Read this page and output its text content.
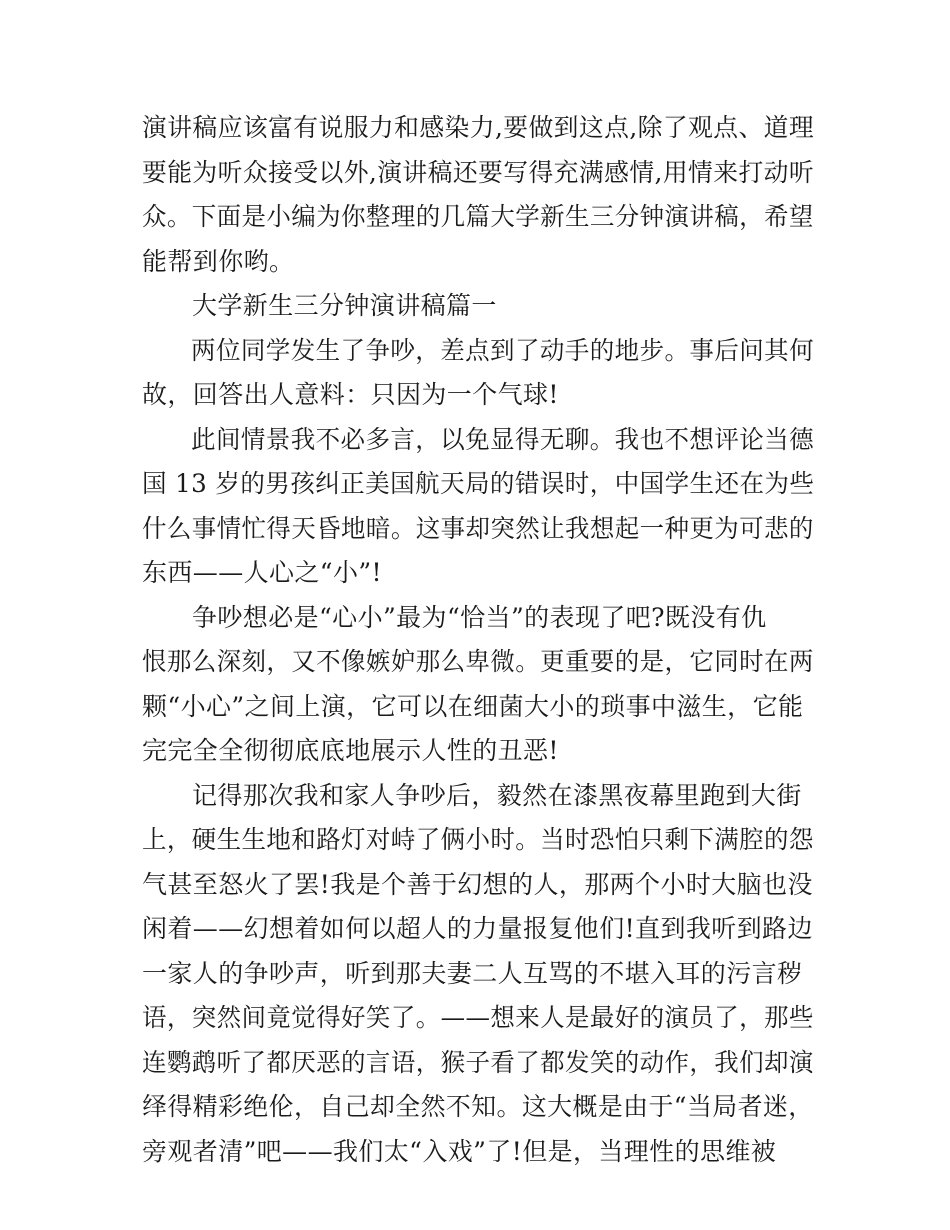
演讲稿应该富有说服力和感染力,要做到这点,除了观点、道理
要能为听众接受以外,演讲稿还要写得充满感情,用情来打动听
众。下面是小编为你整理的几篇大学新生三分钟演讲稿，希望
能帮到你哟。
大学新生三分钟演讲稿篇一
两位同学发生了争吵，差点到了动手的地步。事后问其何
故，回答出人意料：只因为一个气球!
此间情景我不必多言，以免显得无聊。我也不想评论当德
国 13 岁的男孩纠正美国航天局的错误时，中国学生还在为些
什么事情忙得天昏地暗。这事却突然让我想起一种更为可悲的
东西——人心之“小”!
争吵想必是“心小”最为“恰当”的表现了吧?既没有仇
恨那么深刻，又不像嫉妒那么卑微。更重要的是，它同时在两
颗“小心”之间上演，它可以在细菌大小的琐事中滋生，它能
完完全全彻彻底底地展示人性的丑恶!
记得那次我和家人争吵后，毅然在漆黑夜幕里跑到大街
上，硬生生地和路灯对峙了俩小时。当时恐怕只剩下满腔的怨
气甚至怒火了罢!我是个善于幻想的人，那两个小时大脑也没
闲着——幻想着如何以超人的力量报复他们!直到我听到路边
一家人的争吵声，听到那夫妻二人互骂的不堪入耳的污言秽
语，突然间竟觉得好笑了。——想来人是最好的演员了，那些
连鹦鹉听了都厌恶的言语，猴子看了都发笑的动作，我们却演
绎得精彩绝伦，自己却全然不知。这大概是由于“当局者迷，
旁观者清”吧——我们太“入戏”了!但是，当理性的思维被
